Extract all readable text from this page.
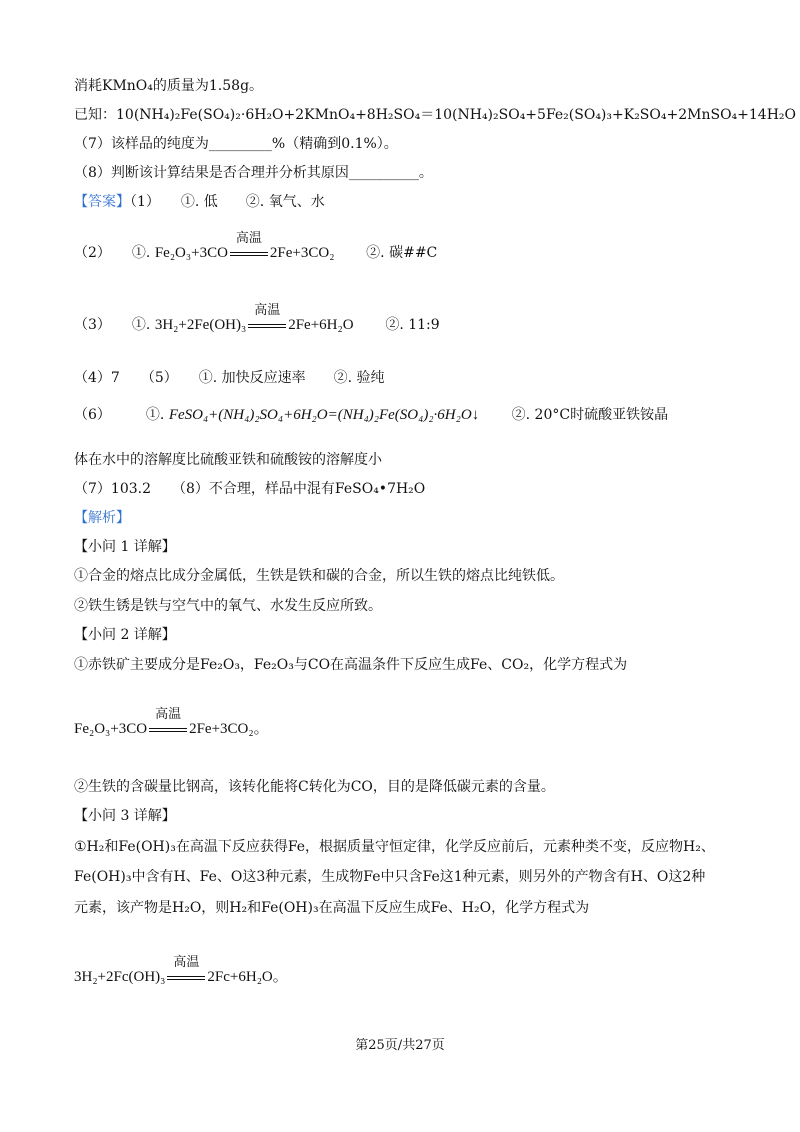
消耗KMnO₄的质量为1.58g。
已知：10(NH₄)₂Fe(SO₄)₂·6H₂O+2KMnO₄+8H₂SO₄＝10(NH₄)₂SO₄+5Fe₂(SO₄)₃+K₂SO₄+2MnSO₄+14H₂O
（7）该样品的纯度为_________%（精确到0.1%）。
（8）判断该计算结果是否合理并分析其原因__________。
【答案】（1）　　①. 低　　②. 氧气、水
（2）　　①. Fe₂O₃+3CO
高温
2Fe+3CO₂ 　　②. 碳##C
（3）　　①. 3H₂+2Fe(OH)₃
高温
2Fe+6H₂O 　　②. 11:9
（4）7　　（5）　　①. 加快反应速率　　②. 验纯
（6）　　　①. FeSO₄+(NH₄)₂SO₄+6H₂O=(NH₄)₂Fe(SO₄)₂·6H₂O↓ 　　②. 20°C时硫酸亚铁铵晶
体在水中的溶解度比硫酸亚铁和硫酸铵的溶解度小
（7）103.2　　（8）不合理，样品中混有FeSO₄•7H₂O
【解析】
【小问 1 详解】
①合金的熔点比成分金属低，生铁是铁和碳的合金，所以生铁的熔点比纯铁低。
②铁生锈是铁与空气中的氧气、水发生反应所致。
【小问 2 详解】
①赤铁矿主要成分是Fe₂O₃，Fe₂O₃与CO在高温条件下反应生成Fe、CO₂，化学方程式为
Fe₂O₃+3CO
高温
2Fe+3CO₂。
②生铁的含碳量比钢高，该转化能将C转化为CO，目的是降低碳元素的含量。
【小问 3 详解】
①H₂和Fe(OH)₃在高温下反应获得Fe，根据质量守恒定律，化学反应前后，元素种类不变，反应物H₂、
Fe(OH)₃中含有H、Fe、O这3种元素，生成物Fe中只含Fe这1种元素，则另外的产物含有H、O这2种
元素，该产物是H₂O，则H₂和Fe(OH)₃在高温下反应生成Fe、H₂O，化学方程式为
3H₂+2Fc(OH)₃
高温
2Fc+6H₂O。
第25页/共27页
